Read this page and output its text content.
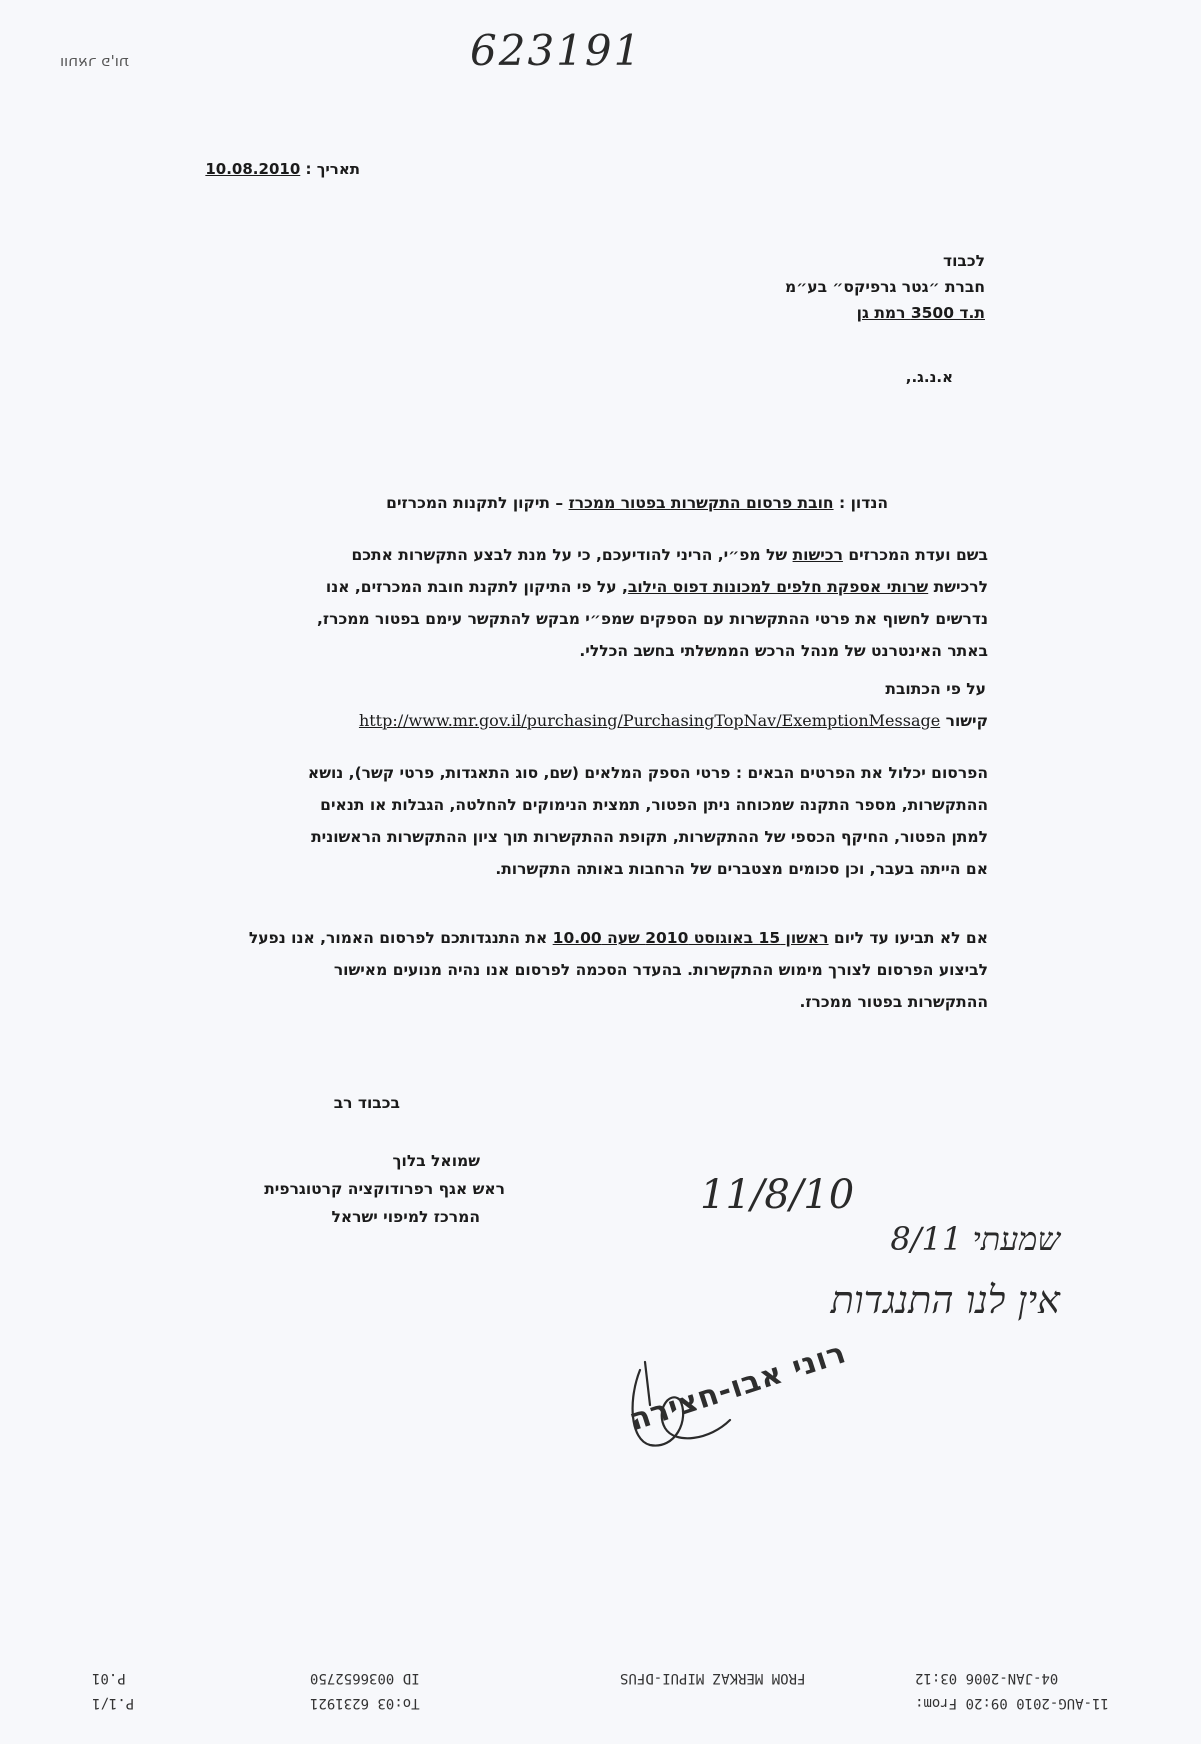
ווחאר פ'ות	623191
תאריך : 10.08.2010
לכבוד
חברת ״גטר גרפיקס״ בע״מ
ת.ד 3500 רמת גן
א.נ.ג.,
הנדון : חובת פרסום התקשרות בפטור ממכרז – תיקון לתקנות המכרזים
בשם ועדת המכרזים רכישות של מפ״י, הריני להודיעכם, כי על מנת לבצע התקשרות אתכם
לרכישת שרותי אספקת חלפים למכונות דפוס הילוב, על פי התיקון לתקנת חובת המכרזים, אנו
נדרשים לחשוף את פרטי ההתקשרות עם הספקים שמפ״י מבקש להתקשר עימם בפטור ממכרז,
באתר האינטרנט של מנהל הרכש הממשלתי בחשב הכללי.
על פי הכתובת
קישור http://www.mr.gov.il/purchasing/PurchasingTopNav/ExemptionMessage
הפרסום יכלול את הפרטים הבאים : פרטי הספק המלאים (שם, סוג התאגדות, פרטי קשר), נושא
ההתקשרות, מספר התקנה שמכוחה ניתן הפטור, תמצית הנימוקים להחלטה, הגבלות או תנאים
למתן הפטור, החיקף הכספי של ההתקשרות, תקופת ההתקשרות תוך ציון ההתקשרות הראשונית
אם הייתה בעבר, וכן סכומים מצטברים של הרחבות באותה התקשרות.
אם לא תביעו עד ליום ראשון 15 באוגוסט 2010 שעה 10.00 את התנגדותכם לפרסום האמור, אנו נפעל
לביצוע הפרסום לצורך מימוש ההתקשרות. בהעדר הסכמה לפרסום אנו נהיה מנועים מאישור
ההתקשרות בפטור ממכרז.
בכבוד רב
שמואל בלוך
ראש אגף רפרודוקציה קרטוגרפית
המרכז למיפוי ישראל	11/8/10
שמעתי 8/11
אין לנו התנגדות
רוני אבו-חצירה
P.01
P.1/1
ID 0036652750
To:03 6231921
FROM MERKAZ MIPUI-DFUS	04-JAN-2006 03:12
11-AUG-2010 09:20 From:
